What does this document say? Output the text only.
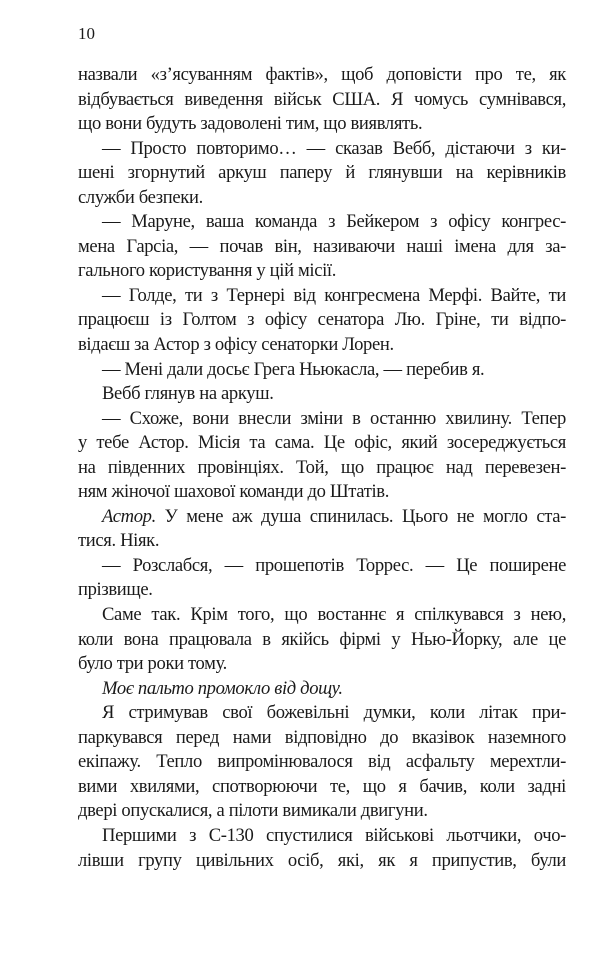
10
назвали «з’ясуванням фактів», щоб доповісти про те, як
відбувається виведення військ США. Я чомусь сумнівався,
що вони будуть задоволені тим, що виявлять.
— Просто повторимо… — сказав Вебб, дістаючи з ки-
шені згорнутий аркуш паперу й глянувши на керівників
служби безпеки.
— Маруне, ваша команда з Бейкером з офісу конгрес-
мена Гарсіа, — почав він, називаючи наші імена для за-
гального користування у цій місії.
— Голде, ти з Тернері від конгресмена Мерфі. Вайте, ти
працюєш із Голтом з офісу сенатора Лю. Гріне, ти відпо-
відаєш за Астор з офісу сенаторки Лорен.
— Мені дали досьє Грега Ньюкасла, — перебив я.
Вебб глянув на аркуш.
— Схоже, вони внесли зміни в останню хвилину. Тепер
у тебе Астор. Місія та сама. Це офіс, який зосереджується
на південних провінціях. Той, що працює над перевезен-
ням жіночої шахової команди до Штатів.
Астор. У мене аж душа спинилась. Цього не могло ста-
тися. Ніяк.
— Розслабся, — прошепотів Торрес. — Це поширене
прізвище.
Саме так. Крім того, що востаннє я спілкувався з нею,
коли вона працювала в якійсь фірмі у Нью-Йорку, але це
було три роки тому.
Моє пальто промокло від дощу.
Я стримував свої божевільні думки, коли літак при-
паркувався перед нами відповідно до вказівок наземного
екіпажу. Тепло випромінювалося від асфальту мерехтли-
вими хвилями, спотворюючи те, що я бачив, коли задні
двері опускалися, а пілоти вимикали двигуни.
Першими з С-130 спустилися військові льотчики, очо-
лівши групу цивільних осіб, які, як я припустив, були
